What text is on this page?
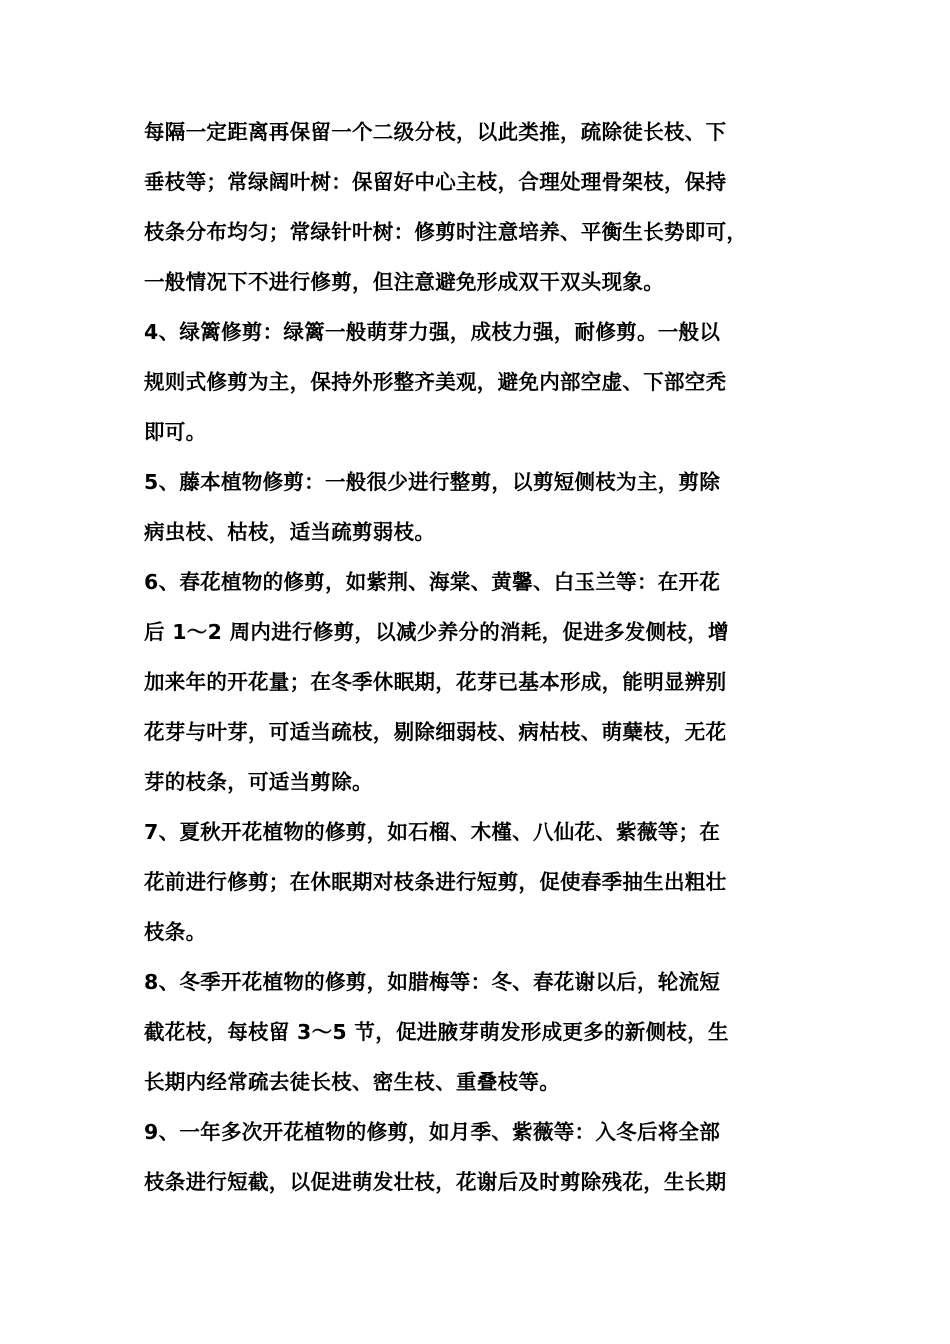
每隔一定距离再保留一个二级分枝，以此类推，疏除徒长枝、下
垂枝等；常绿阔叶树：保留好中心主枝，合理处理骨架枝，保持
枝条分布均匀；常绿针叶树：修剪时注意培养、平衡生长势即可，
一般情况下不进行修剪，但注意避免形成双干双头现象。
4、绿篱修剪：绿篱一般萌芽力强，成枝力强，耐修剪。一般以
规则式修剪为主，保持外形整齐美观，避免内部空虚、下部空秃
即可。
5、藤本植物修剪：一般很少进行整剪，以剪短侧枝为主，剪除
病虫枝、枯枝，适当疏剪弱枝。
6、春花植物的修剪，如紫荆、海棠、黄馨、白玉兰等：在开花
后 1～2 周内进行修剪，以减少养分的消耗，促进多发侧枝，增
加来年的开花量；在冬季休眠期，花芽已基本形成，能明显辨别
花芽与叶芽，可适当疏枝，剔除细弱枝、病枯枝、萌蘖枝，无花
芽的枝条，可适当剪除。
7、夏秋开花植物的修剪，如石榴、木槿、八仙花、紫薇等；在
花前进行修剪；在休眠期对枝条进行短剪，促使春季抽生出粗壮
枝条。
8、冬季开花植物的修剪，如腊梅等：冬、春花谢以后，轮流短
截花枝，每枝留 3～5 节，促进腋芽萌发形成更多的新侧枝，生
长期内经常疏去徒长枝、密生枝、重叠枝等。
9、一年多次开花植物的修剪，如月季、紫薇等：入冬后将全部
枝条进行短截，以促进萌发壮枝，花谢后及时剪除残花，生长期
